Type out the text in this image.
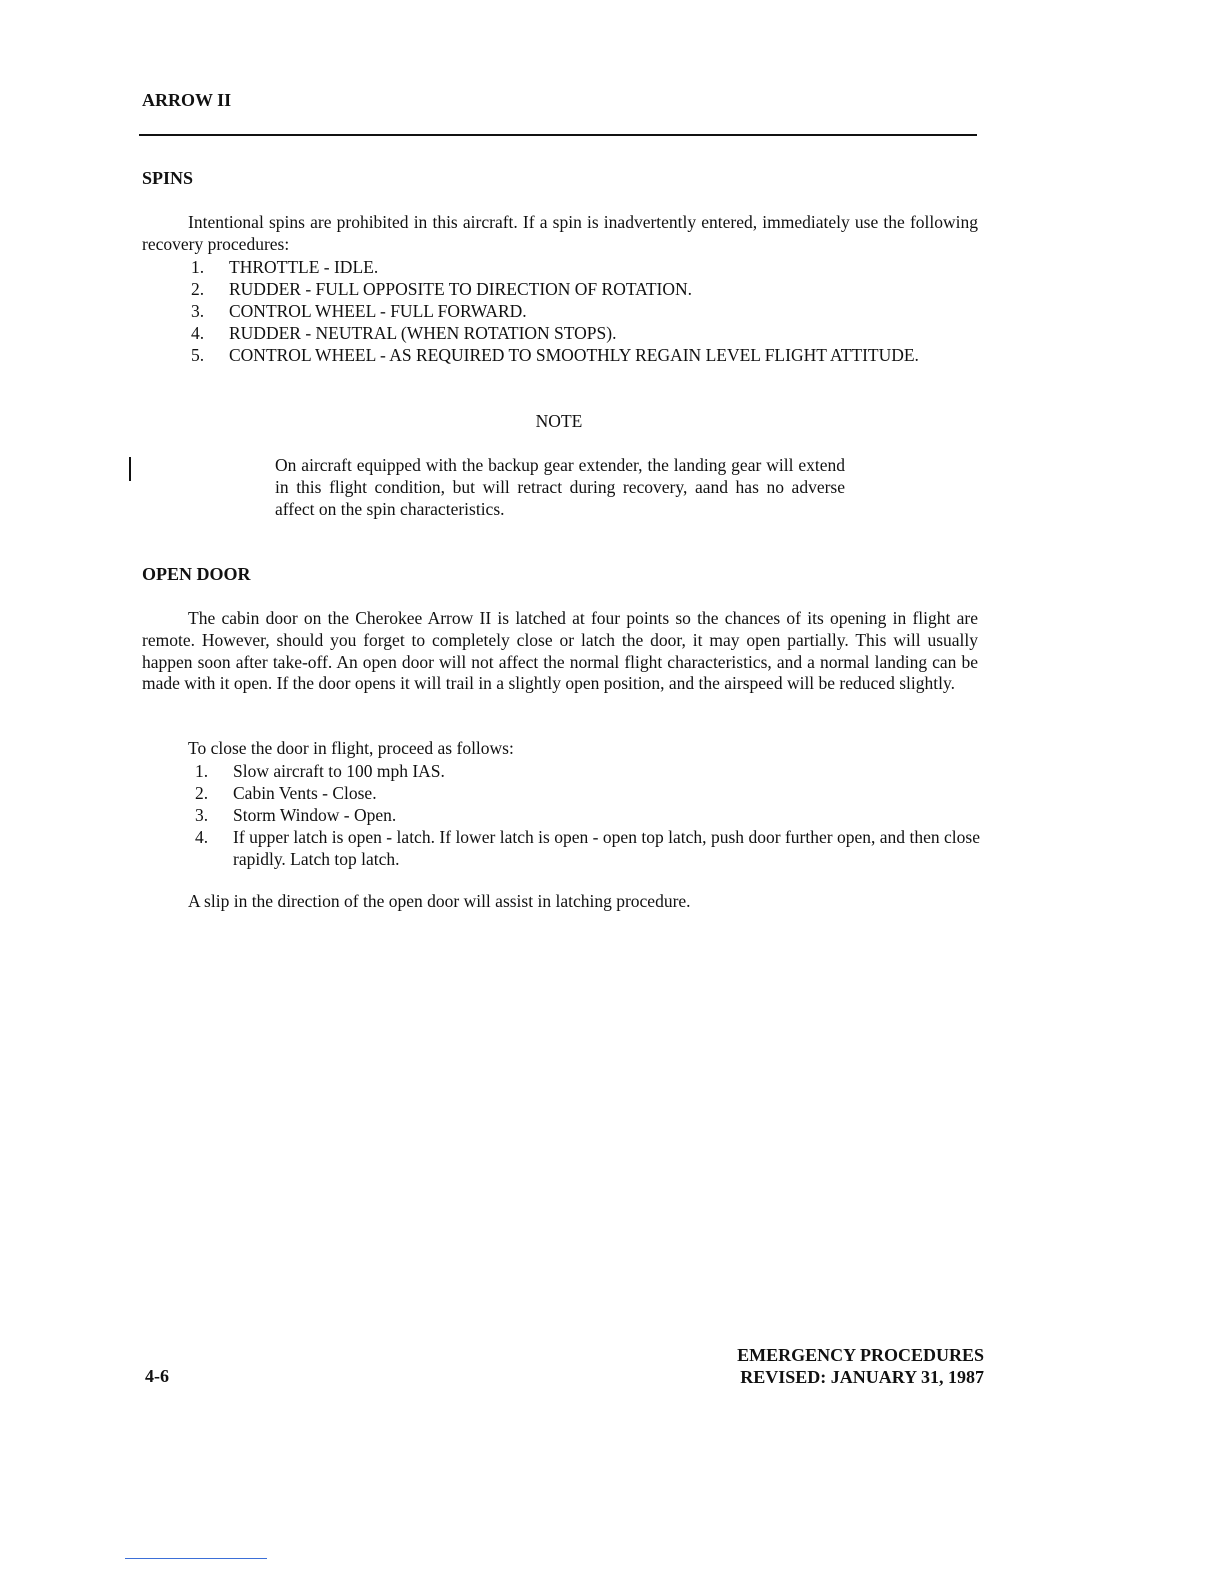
ARROW II
SPINS
Intentional spins are prohibited in this aircraft. If a spin is inadvertently entered, immediately use the following recovery procedures:
1. THROTTLE - IDLE.
2. RUDDER - FULL OPPOSITE TO DIRECTION OF ROTATION.
3. CONTROL WHEEL - FULL FORWARD.
4. RUDDER - NEUTRAL (WHEN ROTATION STOPS).
5. CONTROL WHEEL - AS REQUIRED TO SMOOTHLY REGAIN LEVEL FLIGHT ATTITUDE.
NOTE
On aircraft equipped with the backup gear extender, the landing gear will extend in this flight condition, but will retract during recovery, aand has no adverse affect on the spin characteristics.
OPEN DOOR
The cabin door on the Cherokee Arrow II is latched at four points so the chances of its opening in flight are remote. However, should you forget to completely close or latch the door, it may open partially. This will usually happen soon after take-off. An open door will not affect the normal flight characteristics, and a normal landing can be made with it open. If the door opens it will trail in a slightly open position, and the airspeed will be reduced slightly.
To close the door in flight, proceed as follows:
1. Slow aircraft to 100 mph IAS.
2. Cabin Vents - Close.
3. Storm Window - Open.
4. If upper latch is open - latch. If lower latch is open - open top latch, push door further open, and then close rapidly. Latch top latch.
A slip in the direction of the open door will assist in latching procedure.
4-6
EMERGENCY PROCEDURES
REVISED: JANUARY 31, 1987
